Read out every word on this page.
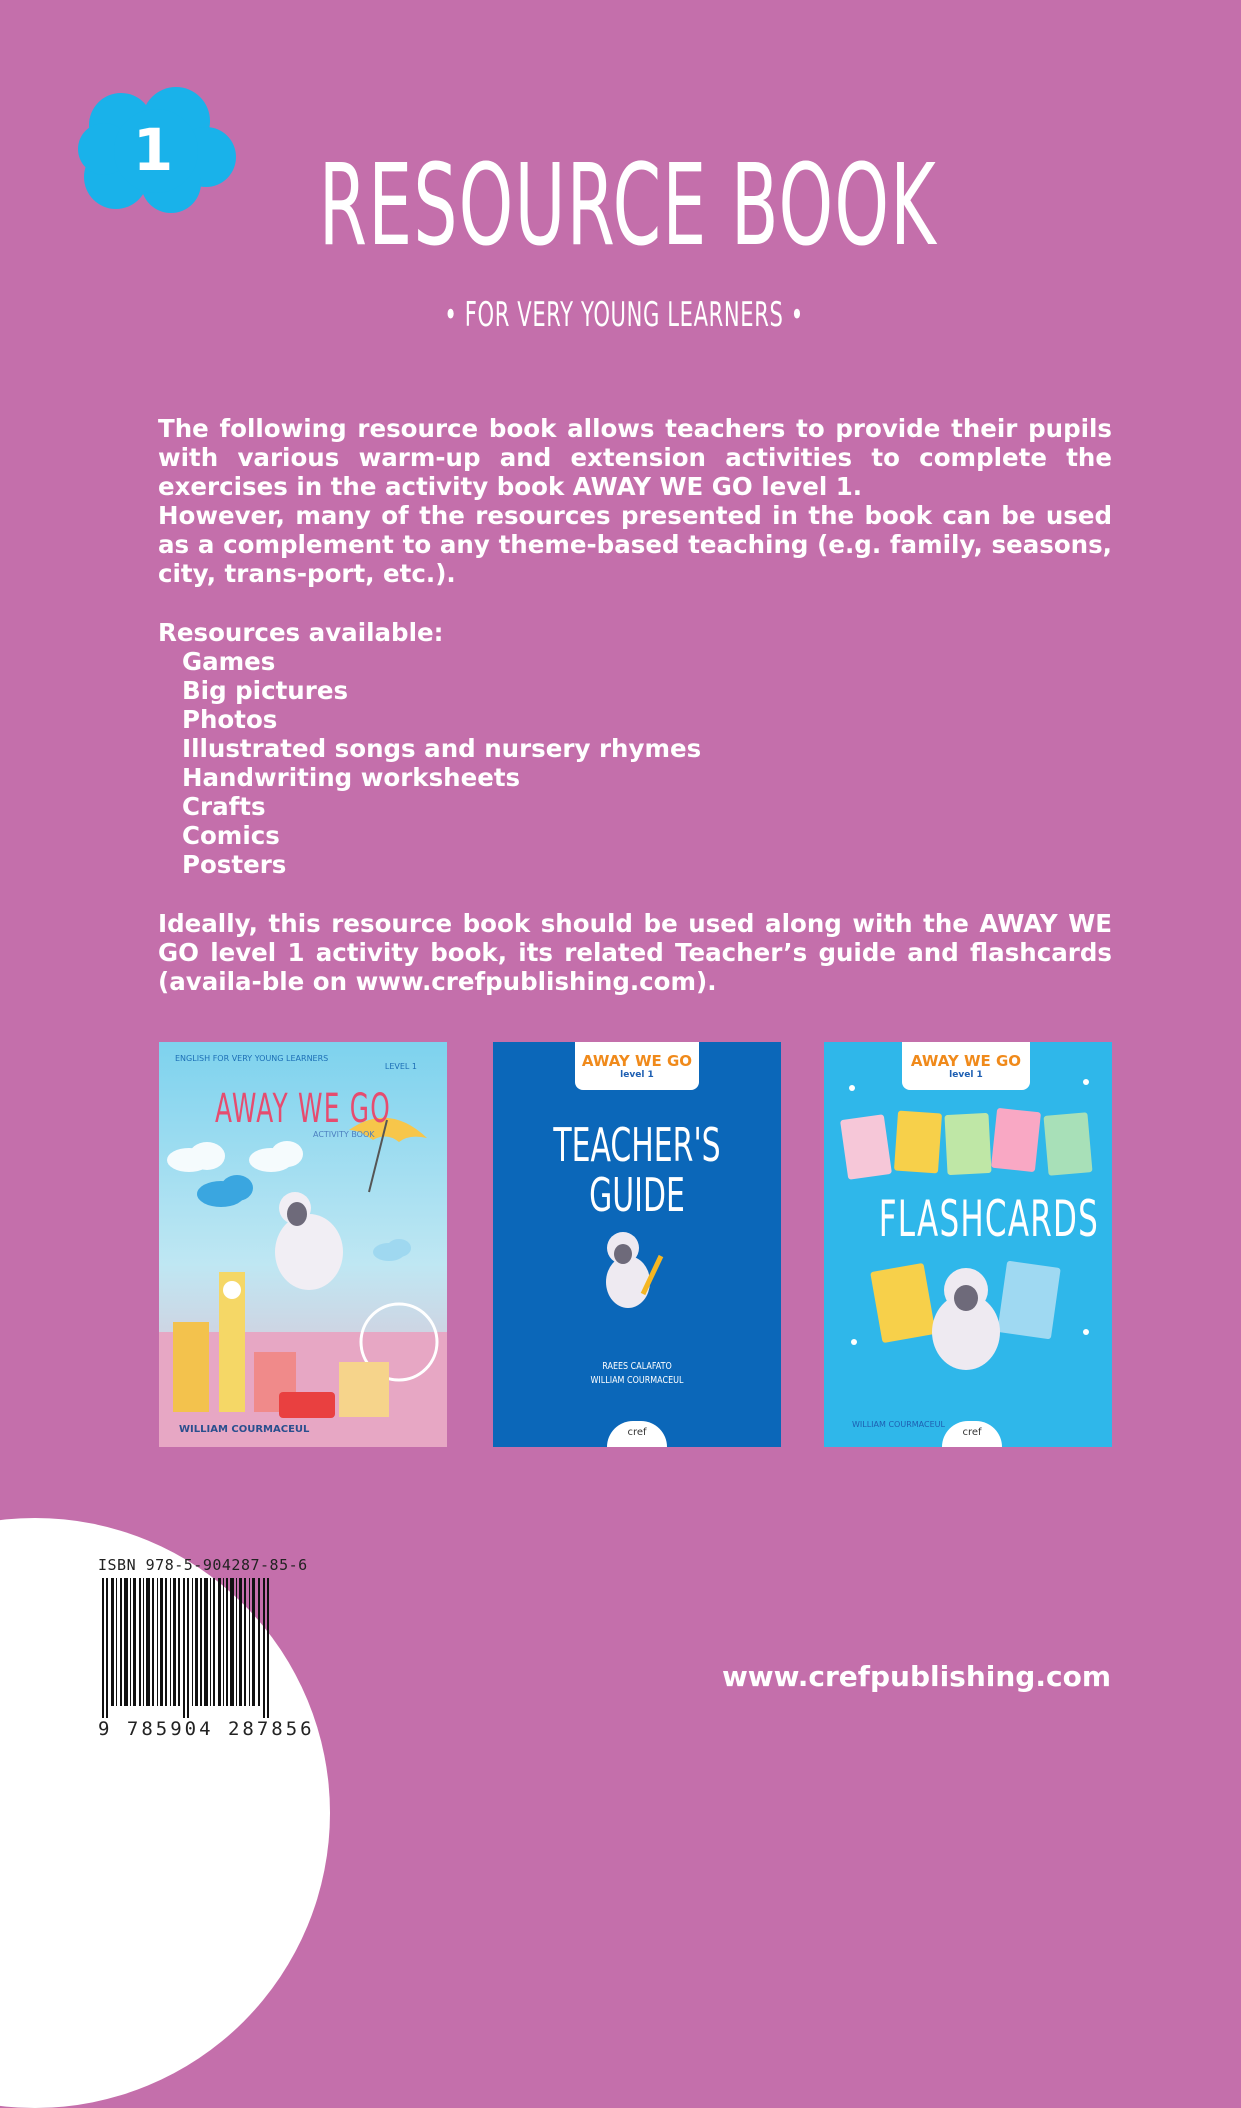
1	RESOURCE BOOK
• FOR VERY YOUNG LEARNERS •

The following resource book allows teachers to provide their pupils with various warm-up and extension activities to complete the exercises in the activity book AWAY WE GO level 1.

However, many of the resources presented in the book can be used as a complement to any theme-based teaching (e.g. family, seasons, city, trans-port, etc.).

Resources available:

Games
Big pictures
Photos
Illustrated songs and nursery rhymes
Handwriting worksheets
Crafts
Comics
Posters

Ideally, this resource book should be used along with the AWAY WE GO level 1 activity book, its related Teacher’s guide and flashcards (availa-ble on www.crefpublishing.com).

ENGLISH FOR VERY YOUNG LEARNERS
LEVEL 1
AWAY WE GO
ACTIVITY BOOK
WILLIAM COURMACEUL
AWAY WE GO
level 1
TEACHER'S
GUIDE
RAEES CALAFATO
WILLIAM COURMACEUL
cref
AWAY WE GO
level 1
FLASHCARDS
WILLIAM COURMACEUL
cref
ISBN 978-5-904287-85-6
9 785904 287856
www.crefpublishing.com
